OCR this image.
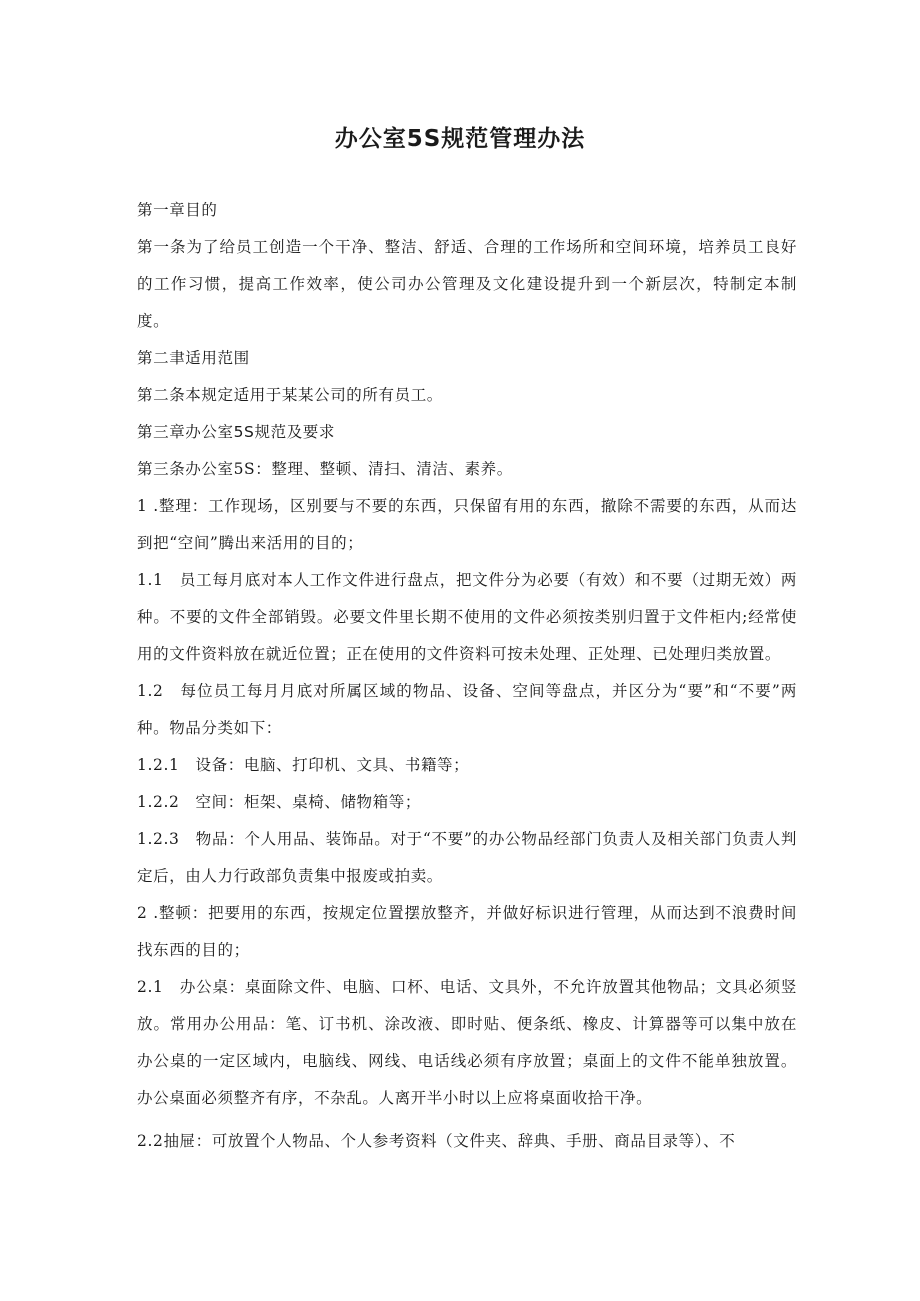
办公室5S规范管理办法

第一章目的

第一条为了给员工创造一个干净、整洁、舒适、合理的工作场所和空间环境，培养员工良好的工作习惯，提高工作效率，使公司办公管理及文化建设提升到一个新层次，特制定本制度。

第二聿适用范围

第二条本规定适用于某某公司的所有员工。

第三章办公室5S规范及要求

第三条办公室5S：整理、整顿、清扫、清洁、素养。

1 .整理：工作现场，区别要与不要的东西，只保留有用的东西，撤除不需要的东西，从而达到把“空间”腾出来活用的目的；

1.1　员工每月底对本人工作文件进行盘点，把文件分为必要（有效）和不要（过期无效）两种。不要的文件全部销毁。必要文件里长期不使用的文件必须按类别归置于文件柜内;经常使用的文件资料放在就近位置；正在使用的文件资料可按未处理、正处理、已处理归类放置。

1.2　每位员工每月月底对所属区域的物品、设备、空间等盘点，并区分为“要”和“不要”两种。物品分类如下：

1.2.1　设备：电脑、打印机、文具、书籍等；

1.2.2　空间：柜架、桌椅、储物箱等；

1.2.3　物品：个人用品、装饰品。对于“不要”的办公物品经部门负责人及相关部门负责人判定后，由人力行政部负责集中报废或拍卖。

2 .整顿：把要用的东西，按规定位置摆放整齐，并做好标识进行管理，从而达到不浪费时间找东西的目的；

2.1　办公桌：桌面除文件、电脑、口杯、电话、文具外，不允许放置其他物品；文具必须竖放。常用办公用品：笔、订书机、涂改液、即时贴、便条纸、橡皮、计算器等可以集中放在办公桌的一定区域内，电脑线、网线、电话线必须有序放置；桌面上的文件不能单独放置。办公桌面必须整齐有序，不杂乱。人离开半小时以上应将桌面收拾干净。

2.2抽屉：可放置个人物品、个人参考资料（文件夹、辞典、手册、商品目录等）、不
